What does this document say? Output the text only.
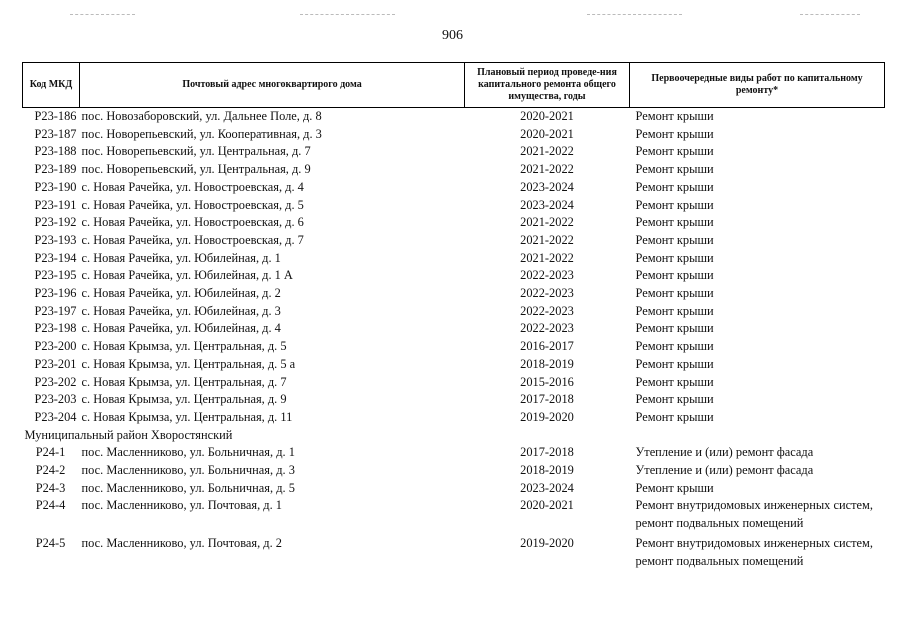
906
Код МКД	Почтовый адрес многоквартирого дома	Плановый период проведе-ния капитального ремонта общего имущества, годы	Первоочередные виды работ по капитальному ремонту*
P23-186	пос. Новозаборовский, ул. Дальнее Поле, д. 8	2020-2021	Ремонт крыши
P23-187	пос. Новорепьевский, ул. Кооперативная, д. 3	2020-2021	Ремонт крыши
P23-188	пос. Новорепьевский, ул. Центральная, д. 7	2021-2022	Ремонт крыши
P23-189	пос. Новорепьевский, ул. Центральная, д. 9	2021-2022	Ремонт крыши
P23-190	с. Новая Рачейка, ул. Новостроевская, д. 4	2023-2024	Ремонт крыши
P23-191	с. Новая Рачейка, ул. Новостроевская, д. 5	2023-2024	Ремонт крыши
P23-192	с. Новая Рачейка, ул. Новостроевская, д. 6	2021-2022	Ремонт крыши
P23-193	с. Новая Рачейка, ул. Новостроевская, д. 7	2021-2022	Ремонт крыши
P23-194	с. Новая Рачейка, ул. Юбилейная, д. 1	2021-2022	Ремонт крыши
P23-195	с. Новая Рачейка, ул. Юбилейная, д. 1 А	2022-2023	Ремонт крыши
P23-196	с. Новая Рачейка, ул. Юбилейная, д. 2	2022-2023	Ремонт крыши
P23-197	с. Новая Рачейка, ул. Юбилейная, д. 3	2022-2023	Ремонт крыши
P23-198	с. Новая Рачейка, ул. Юбилейная, д. 4	2022-2023	Ремонт крыши
P23-200	с. Новая Крымза, ул. Центральная, д. 5	2016-2017	Ремонт крыши
P23-201	с. Новая Крымза, ул. Центральная, д. 5 а	2018-2019	Ремонт крыши
P23-202	с. Новая Крымза, ул. Центральная, д. 7	2015-2016	Ремонт крыши
P23-203	с. Новая Крымза, ул. Центральная, д. 9	2017-2018	Ремонт крыши
P23-204	с. Новая Крымза, ул. Центральная, д. 11	2019-2020	Ремонт крыши
Муниципальный район Хворостянский			
P24-1	пос. Масленниково, ул. Больничная, д. 1	2017-2018	Утепление и (или) ремонт фасада
P24-2	пос. Масленниково, ул. Больничная, д. 3	2018-2019	Утепление и (или) ремонт фасада
P24-3	пос. Масленниково, ул. Больничная, д. 5	2023-2024	Ремонт крыши
P24-4	пос. Масленниково, ул. Почтовая, д. 1	2020-2021	Ремонт внутридомовых инженерных систем, ремонт подвальных помещений
P24-5	пос. Масленниково, ул. Почтовая, д. 2	2019-2020	Ремонт внутридомовых инженерных систем, ремонт подвальных помещений
